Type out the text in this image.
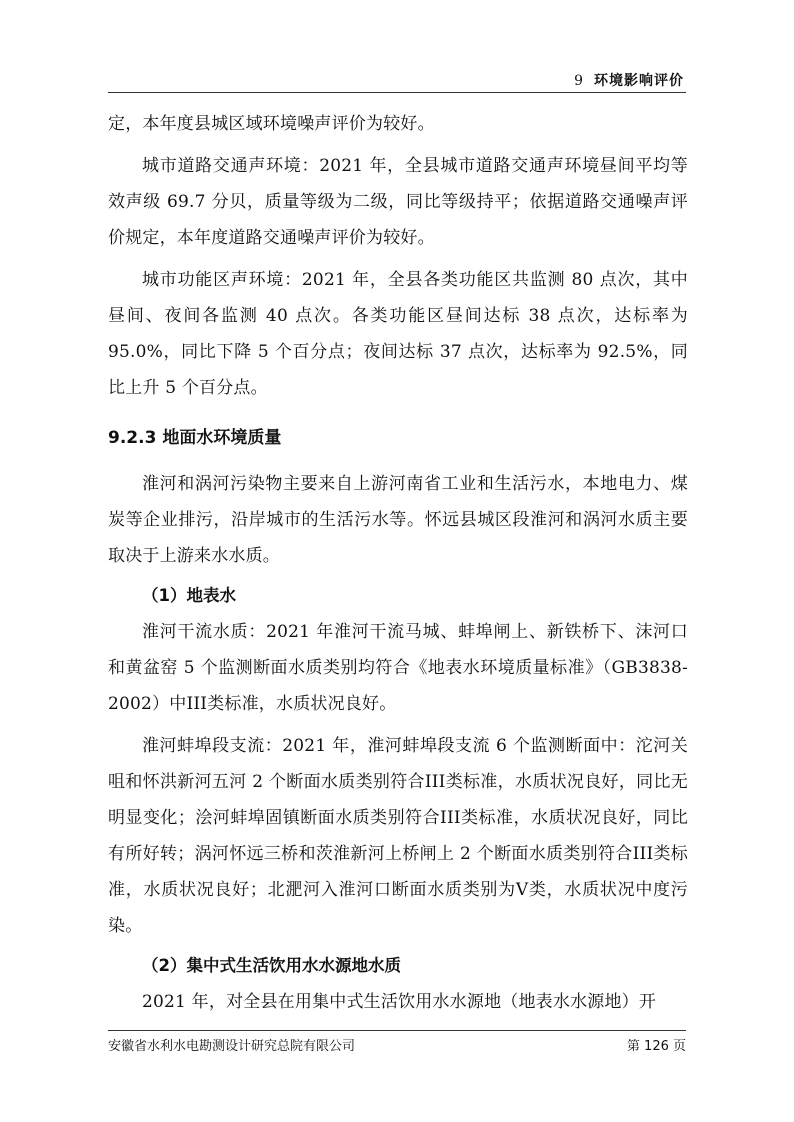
9 环境影响评价

定，本年度县城区域环境噪声评价为较好。

城市道路交通声环境：2021 年，全县城市道路交通声环境昼间平均等效声级 69.7 分贝，质量等级为二级，同比等级持平；依据道路交通噪声评价规定，本年度道路交通噪声评价为较好。

城市功能区声环境：2021 年，全县各类功能区共监测 80 点次，其中昼间、夜间各监测 40 点次。各类功能区昼间达标 38 点次，达标率为 95.0%，同比下降 5 个百分点；夜间达标 37 点次，达标率为 92.5%，同比上升 5 个百分点。

9.2.3 地面水环境质量

淮河和涡河污染物主要来自上游河南省工业和生活污水，本地电力、煤炭等企业排污，沿岸城市的生活污水等。怀远县城区段淮河和涡河水质主要取决于上游来水水质。

（1）地表水

淮河干流水质：2021 年淮河干流马城、蚌埠闸上、新铁桥下、沫河口和黄盆窑 5 个监测断面水质类别均符合《地表水环境质量标准》（GB3838-2002）中III类标准，水质状况良好。

淮河蚌埠段支流：2021 年，淮河蚌埠段支流 6 个监测断面中：沱河关咀和怀洪新河五河 2 个断面水质类别符合III类标准，水质状况良好，同比无明显变化；浍河蚌埠固镇断面水质类别符合III类标准，水质状况良好，同比有所好转；涡河怀远三桥和茨淮新河上桥闸上 2 个断面水质类别符合III类标准，水质状况良好；北淝河入淮河口断面水质类别为V类，水质状况中度污染。

（2）集中式生活饮用水水源地水质

2021 年，对全县在用集中式生活饮用水水源地（地表水水源地）开

安徽省水利水电勘测设计研究总院有限公司	第 126 页
